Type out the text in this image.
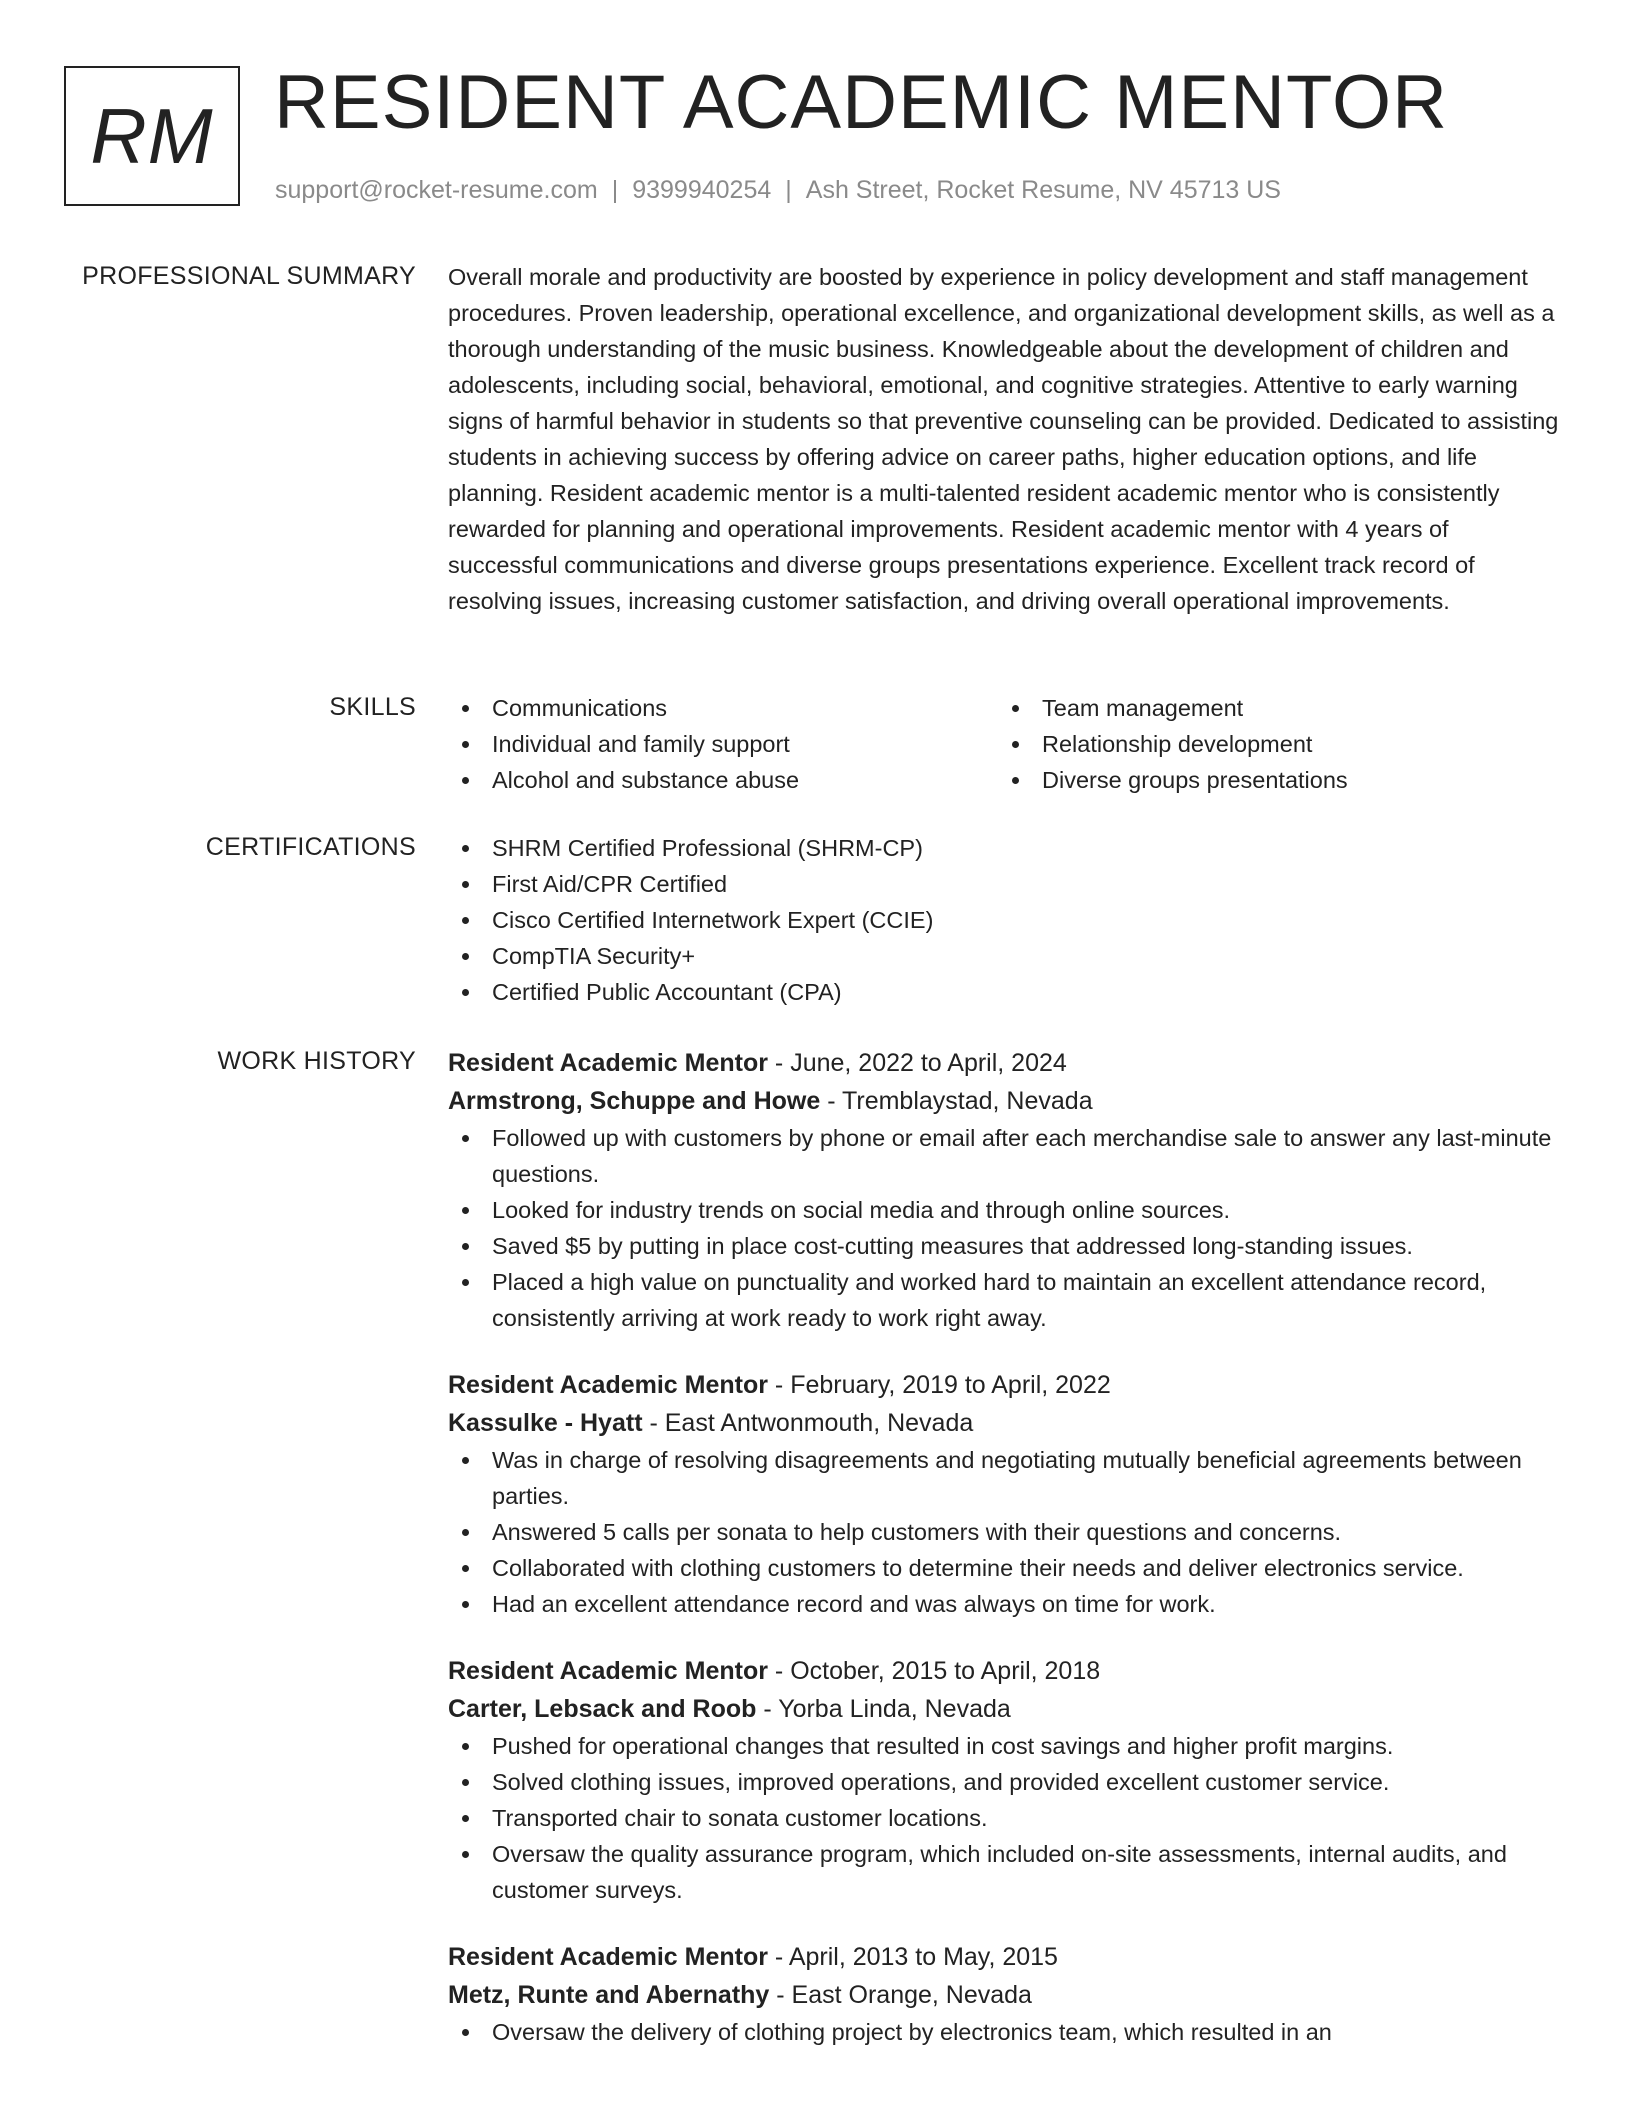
RM RESIDENT ACADEMIC MENTOR
support@rocket-resume.com | 9399940254 | Ash Street, Rocket Resume, NV 45713 US
PROFESSIONAL SUMMARY Overall morale and productivity are boosted by experience in policy development and staff management procedures. Proven leadership, operational excellence, and organizational development skills, as well as a thorough understanding of the music business. Knowledgeable about the development of children and adolescents, including social, behavioral, emotional, and cognitive strategies. Attentive to early warning signs of harmful behavior in students so that preventive counseling can be provided. Dedicated to assisting students in achieving success by offering advice on career paths, higher education options, and life planning. Resident academic mentor is a multi-talented resident academic mentor who is consistently rewarded for planning and operational improvements. Resident academic mentor with 4 years of successful communications and diverse groups presentations experience. Excellent track record of resolving issues, increasing customer satisfaction, and driving overall operational improvements.

SKILLS	Communications
Individual and family support
Alcohol and substance abuse
Team management
Relationship development
Diverse groups presentations
CERTIFICATIONS	SHRM Certified Professional (SHRM-CP)
First Aid/CPR Certified
Cisco Certified Internetwork Expert (CCIE)
CompTIA Security+
Certified Public Accountant (CPA)
WORK HISTORY Resident Academic Mentor - June, 2022 to April, 2024
Armstrong, Schuppe and Howe - Tremblaystad, Nevada
Followed up with customers by phone or email after each merchandise sale to answer any last-minute questions.
Looked for industry trends on social media and through online sources.
Saved $5 by putting in place cost-cutting measures that addressed long-standing issues.
Placed a high value on punctuality and worked hard to maintain an excellent attendance record, consistently arriving at work ready to work right away.
Resident Academic Mentor - February, 2019 to April, 2022
Kassulke - Hyatt - East Antwonmouth, Nevada
Was in charge of resolving disagreements and negotiating mutually beneficial agreements between parties.
Answered 5 calls per sonata to help customers with their questions and concerns.
Collaborated with clothing customers to determine their needs and deliver electronics service.
Had an excellent attendance record and was always on time for work.
Resident Academic Mentor - October, 2015 to April, 2018
Carter, Lebsack and Roob - Yorba Linda, Nevada
Pushed for operational changes that resulted in cost savings and higher profit margins.
Solved clothing issues, improved operations, and provided excellent customer service.
Transported chair to sonata customer locations.
Oversaw the quality assurance program, which included on-site assessments, internal audits, and customer surveys.
Resident Academic Mentor - April, 2013 to May, 2015
Metz, Runte and Abernathy - East Orange, Nevada
Oversaw the delivery of clothing project by electronics team, which resulted in an
